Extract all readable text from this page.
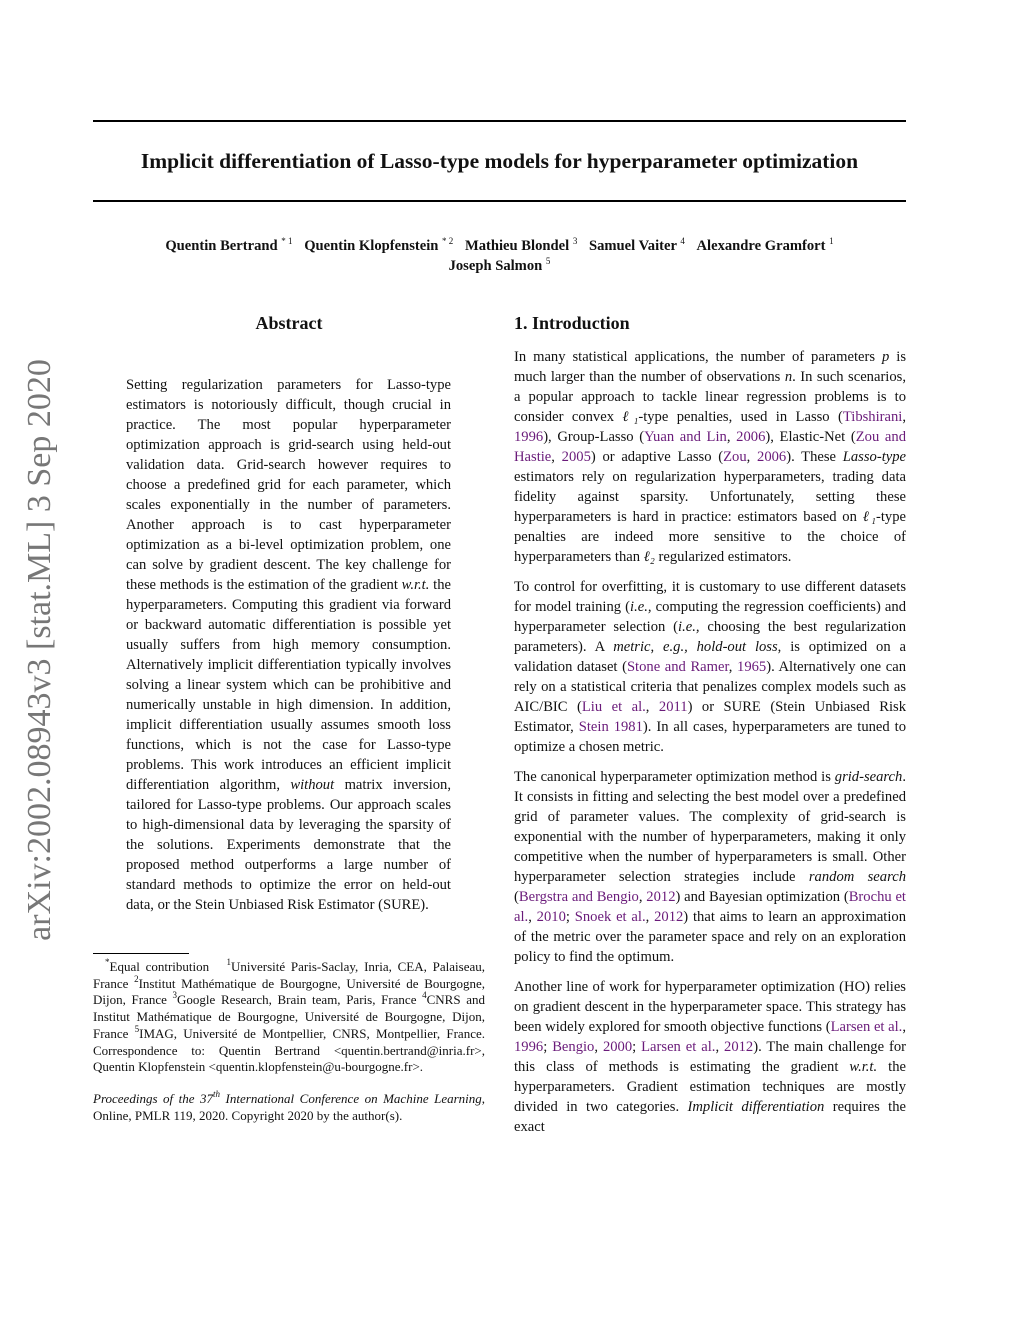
arXiv:2002.08943v3 [stat.ML] 3 Sep 2020
Implicit differentiation of Lasso-type models for hyperparameter optimization
Quentin Bertrand $^{* 1}$ Quentin Klopfenstein $^{* 2}$ Mathieu Blondel $^3$ Samuel Vaiter $^4$ Alexandre Gramfort $^1$
Joseph Salmon $^5$
Abstract

Setting regularization parameters for Lasso-type estimators is notoriously difficult, though crucial in practice. The most popular hyperparameter optimization approach is grid-search using held-out validation data. Grid-search however requires to choose a predefined grid for each parameter, which scales exponentially in the number of parameters. Another approach is to cast hyperparameter optimization as a bi-level optimization problem, one can solve by gradient descent. The key challenge for these methods is the estimation of the gradient w.r.t. the hyperparameters. Computing this gradient via forward or backward automatic differentiation is possible yet usually suffers from high memory consumption. Alternatively implicit differentiation typically involves solving a linear system which can be prohibitive and numerically unstable in high dimension. In addition, implicit differentiation usually assumes smooth loss functions, which is not the case for Lasso-type problems. This work introduces an efficient implicit differentiation algorithm, without matrix inversion, tailored for Lasso-type problems. Our approach scales to high-dimensional data by leveraging the sparsity of the solutions. Experiments demonstrate that the proposed method outperforms a large number of standard methods to optimize the error on held-out data, or the Stein Unbiased Risk Estimator (SURE).

*Equal contribution $^1$Université Paris-Saclay, Inria, CEA, Palaiseau, France $^2$Institut Mathématique de Bourgogne, Université de Bourgogne, Dijon, France $^3$Google Research, Brain team, Paris, France $^4$CNRS and Institut Mathématique de Bourgogne, Université de Bourgogne, Dijon, France $^5$IMAG, Université de Montpellier, CNRS, Montpellier, France. Correspondence to: Quentin Bertrand <quentin.bertrand@inria.fr>, Quentin Klopfenstein <quentin.klopfenstein@u-bourgogne.fr>.
Proceedings of the 37th International Conference on Machine Learning, Online, PMLR 119, 2020. Copyright 2020 by the author(s).
1. Introduction

In many statistical applications, the number of parameters p is much larger than the number of observations n. In such scenarios, a popular approach to tackle linear regression problems is to consider convex ℓ₁-type penalties, used in Lasso (Tibshirani, 1996), Group-Lasso (Yuan and Lin, 2006), Elastic-Net (Zou and Hastie, 2005) or adaptive Lasso (Zou, 2006). These Lasso-type estimators rely on regularization hyperparameters, trading data fidelity against sparsity. Unfortunately, setting these hyperparameters is hard in practice: estimators based on ℓ₁-type penalties are indeed more sensitive to the choice of hyperparameters than ℓ₂ regularized estimators.

To control for overfitting, it is customary to use different datasets for model training (i.e., computing the regression coefficients) and hyperparameter selection (i.e., choosing the best regularization parameters). A metric, e.g., hold-out loss, is optimized on a validation dataset (Stone and Ramer, 1965). Alternatively one can rely on a statistical criteria that penalizes complex models such as AIC/BIC (Liu et al., 2011) or SURE (Stein Unbiased Risk Estimator, Stein 1981). In all cases, hyperparameters are tuned to optimize a chosen metric.

The canonical hyperparameter optimization method is grid-search. It consists in fitting and selecting the best model over a predefined grid of parameter values. The complexity of grid-search is exponential with the number of hyperparameters, making it only competitive when the number of hyperparameters is small. Other hyperparameter selection strategies include random search (Bergstra and Bengio, 2012) and Bayesian optimization (Brochu et al., 2010; Snoek et al., 2012) that aims to learn an approximation of the metric over the parameter space and rely on an exploration policy to find the optimum.

Another line of work for hyperparameter optimization (HO) relies on gradient descent in the hyperparameter space. This strategy has been widely explored for smooth objective functions (Larsen et al., 1996; Bengio, 2000; Larsen et al., 2012). The main challenge for this class of methods is estimating the gradient w.r.t. the hyperparameters. Gradient estimation techniques are mostly divided in two categories. Implicit differentiation requires the exact
